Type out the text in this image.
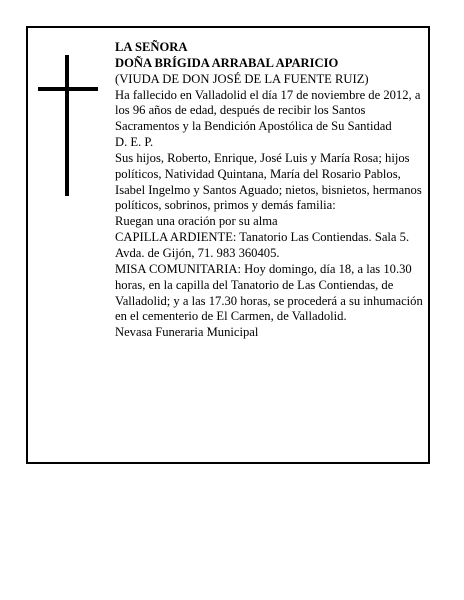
LA SEÑORA

DOÑA BRÍGIDA ARRABAL APARICIO

(VIUDA DE DON JOSÉ DE LA FUENTE RUIZ)

Ha fallecido en Valladolid el día 17 de noviembre de 2012, a los 96 años de edad, después de recibir los Santos Sacramentos y la Bendición Apostólica de Su Santidad

D. E. P.

Sus hijos, Roberto, Enrique, José Luis y María Rosa; hijos políticos, Natividad Quintana, María del Rosario Pablos, Isabel Ingelmo y Santos Aguado; nietos, bisnietos, hermanos políticos, sobrinos, primos y demás familia:

Ruegan una oración por su alma

CAPILLA ARDIENTE: Tanatorio Las Contiendas. Sala 5. Avda. de Gijón, 71. 983 360405.

MISA COMUNITARIA: Hoy domingo, día 18, a las 10.30 horas, en la capilla del Tanatorio de Las Contiendas, de Valladolid; y a las 17.30 horas, se procederá a su inhumación en el cementerio de El Carmen, de Valladolid.

Nevasa Funeraria Municipal
